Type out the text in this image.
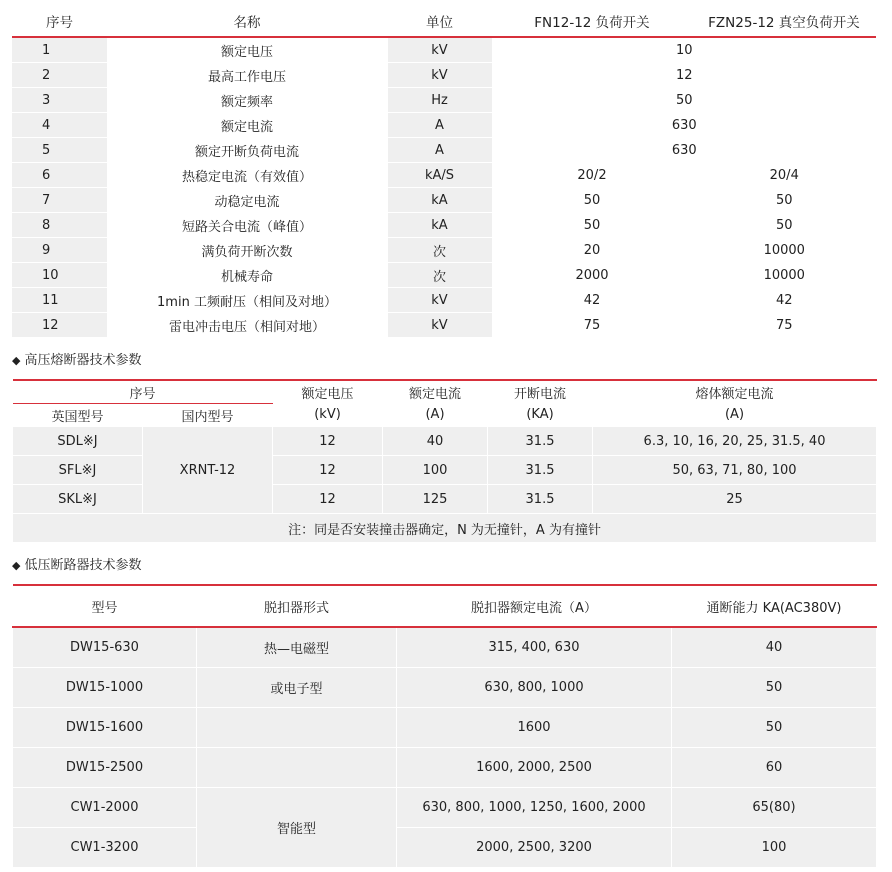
序号	名称	单位	FN12-12 负荷开关	FZN25-12 真空负荷开关
1	额定电压	kV	10	
2	最高工作电压	kV	12	
3	额定频率	Hz	50	
4	额定电流	A	630	
5	额定开断负荷电流	A	630	
6	热稳定电流（有效值）	kA/S	20/2	20/4
7	动稳定电流	kA	50	50
8	短路关合电流（峰值）	kA	50	50
9	满负荷开断次数	次	20	10000
10	机械寿命	次	2000	10000
11	1min 工频耐压（相间及对地）	kV	42	42
12	雷电冲击电压（相间对地）	kV	75	75
◆ 高压熔断器技术参数
序号		额定电压	额定电流	开断电流	熔体额定电流
英国型号	国内型号	(kV)	(A)	(KA)	(A)
SDL※J	XRNT-12	12	40	31.5	6.3, 10, 16, 20, 25, 31.5, 40
SFL※J		12	100	31.5	50, 63, 71, 80, 100
SKL※J		12	125	31.5	25
注：同是否安装撞击器确定，N 为无撞针，A 为有撞针					
◆ 低压断路器技术参数
型号	脱扣器形式	脱扣器额定电流（A）	通断能力 KA(AC380V)
DW15-630	热—电磁型	315, 400, 630	40
DW15-1000	或电子型	630, 800, 1000	50
DW15-1600		1600	50
DW15-2500		1600, 2000, 2500	60
CW1-2000	智能型	630, 800, 1000, 1250, 1600, 2000	65(80)
CW1-3200		2000, 2500, 3200	100
